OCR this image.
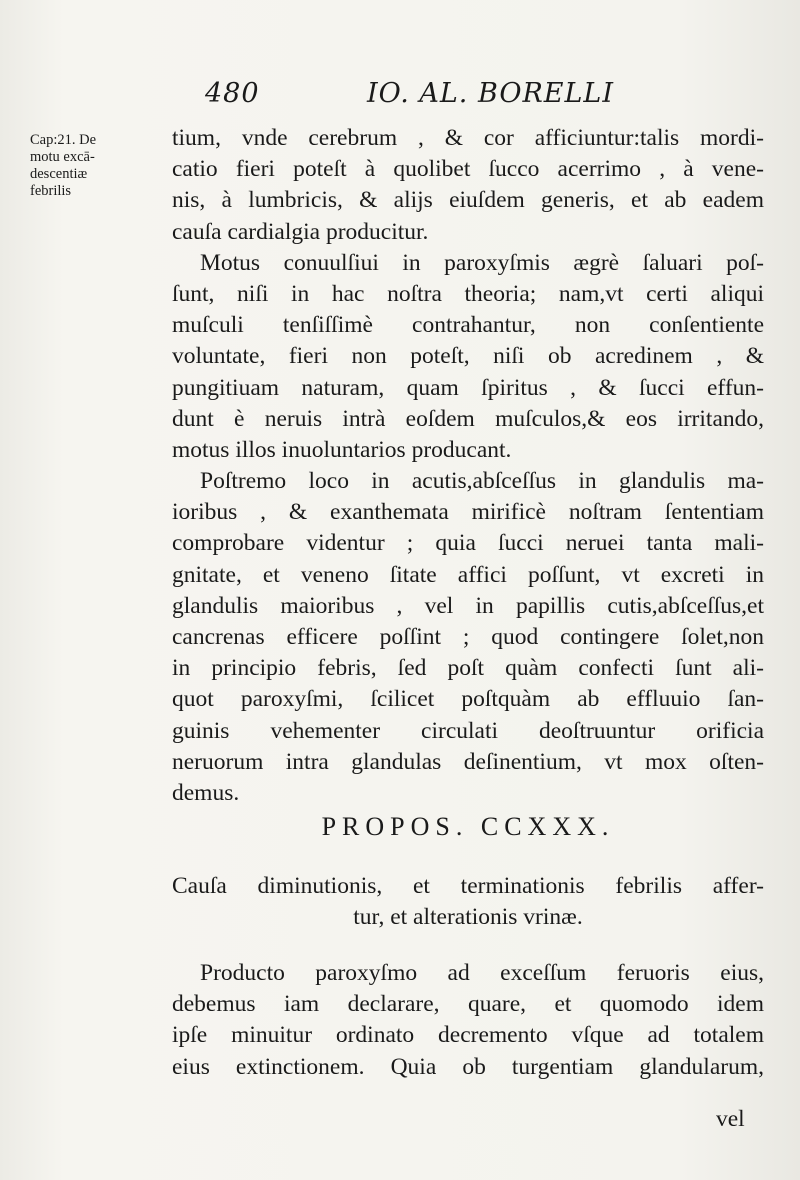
480	IO. AL. BORELLI
Cap:21. De
motu excā-
descentiæ
febrilis
tium, vnde cerebrum , & cor afficiuntur:talis mordi-
catio fieri poteſt à quolibet ſucco acerrimo , à vene-
nis, à lumbricis, & alijs eiuſdem generis, et ab eadem
cauſa cardialgia producitur.
Motus conuulſiui in paroxyſmis ægrè ſaluari poſ-
ſunt, niſi in hac noſtra theoria; nam,vt certi aliqui
muſculi tenſiſſimè contrahantur, non conſentiente
voluntate, fieri non poteſt, niſi ob acredinem , &
pungitiuam naturam, quam ſpiritus , & ſucci effun-
dunt è neruis intrà eoſdem muſculos,& eos irritando,
motus illos inuoluntarios producant.
Poſtremo loco in acutis,abſceſſus in glandulis ma-
ioribus , & exanthemata mirificè noſtram ſententiam
comprobare videntur ; quia ſucci neruei tanta mali-
gnitate, et veneno ſitate affici poſſunt, vt excreti in
glandulis maioribus , vel in papillis cutis,abſceſſus,et
cancrenas efficere poſſint ; quod contingere ſolet,non
in principio febris, ſed poſt quàm confecti ſunt ali-
quot paroxyſmi, ſcilicet poſtquàm ab effluuio ſan-
guinis vehementer circulati deoſtruuntur orificia
neruorum intra glandulas deſinentium, vt mox oſten-
demus.
PROPOS. CCXXX.
Cauſa diminutionis, et terminationis febrilis affer-
tur, et alterationis vrinæ.
Producto paroxyſmo ad exceſſum feruoris eius,
debemus iam declarare, quare, et quomodo idem
ipſe minuitur ordinato decremento vſque ad totalem
eius extinctionem. Quia ob turgentiam glandularum,
vel
